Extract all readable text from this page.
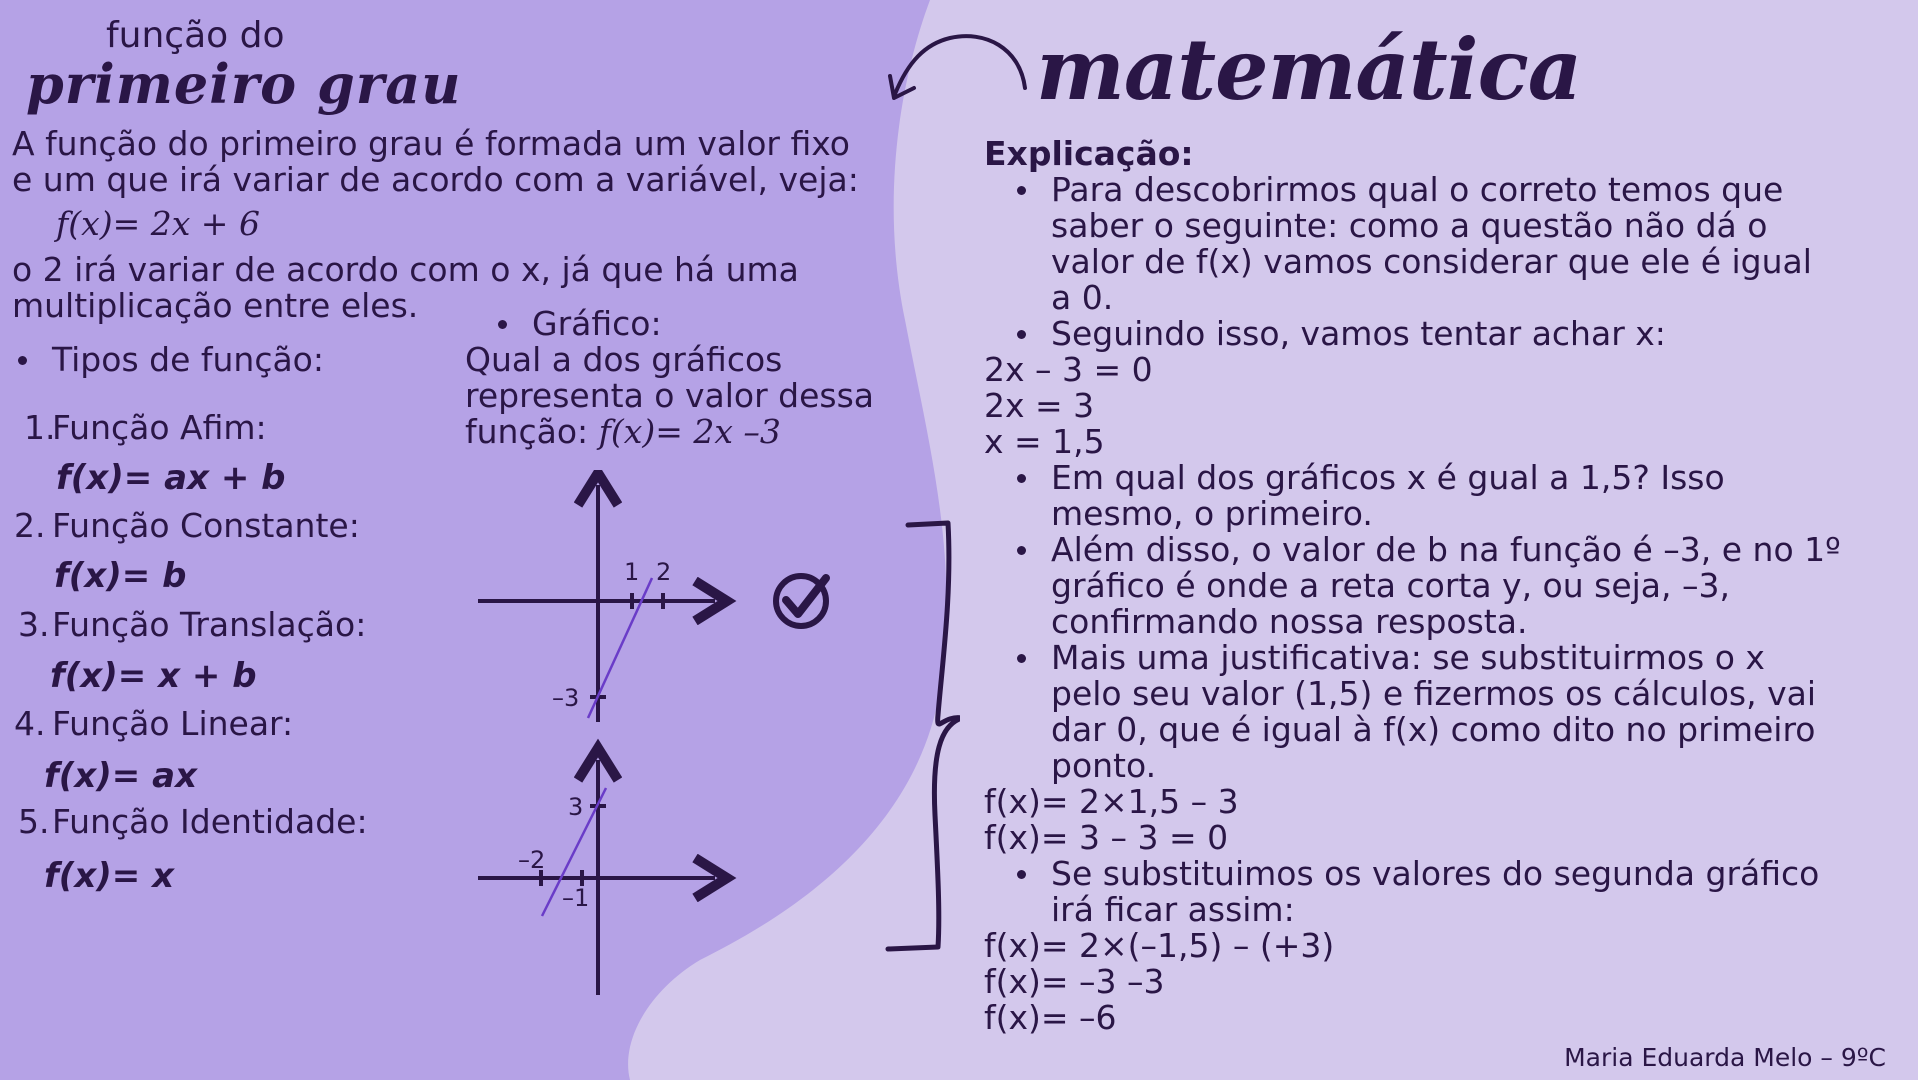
função do
primeiro grau
A função do primeiro grau é formada um valor fixo
e um que irá variar de acordo com a variável, veja:
f(x)= 2x + 6
o 2 irá variar de acordo com o x, já que há uma
multiplicação entre eles.
Tipos de função:
1.
Função Afim:
f(x)= ax + b
2. Função Constante:
f(x)= b
3. Função Translação:
f(x)= x + b
4. Função Linear:
f(x)= ax
5. Função Identidade:
f(x)= x
Gráfico:
Qual a dos gráficos
representa o valor dessa
função: f(x)= 2x –3
1 2
–3
3
–2
–1
matemática
Explicação:
Para descobrirmos qual o correto temos que
saber o seguinte: como a questão não dá o
valor de f(x) vamos considerar que ele é igual
a 0.
Seguindo isso, vamos tentar achar x:
2x – 3 = 0
2x = 3
x = 1,5
Em qual dos gráficos x é gual a 1,5? Isso
mesmo, o primeiro.
Além disso, o valor de b na função é –3, e no 1º
gráfico é onde a reta corta y, ou seja, –3,
confirmando nossa resposta.
Mais uma justificativa: se substituirmos o x
pelo seu valor (1,5) e fizermos os cálculos, vai
dar 0, que é igual à f(x) como dito no primeiro
ponto.
f(x)= 2×1,5 – 3
f(x)= 3 – 3 = 0
Se substituimos os valores do segunda gráfico
irá ficar assim:
f(x)= 2×(–1,5) – (+3)
f(x)= –3 –3
f(x)= –6
Maria Eduarda Melo – 9ºC
